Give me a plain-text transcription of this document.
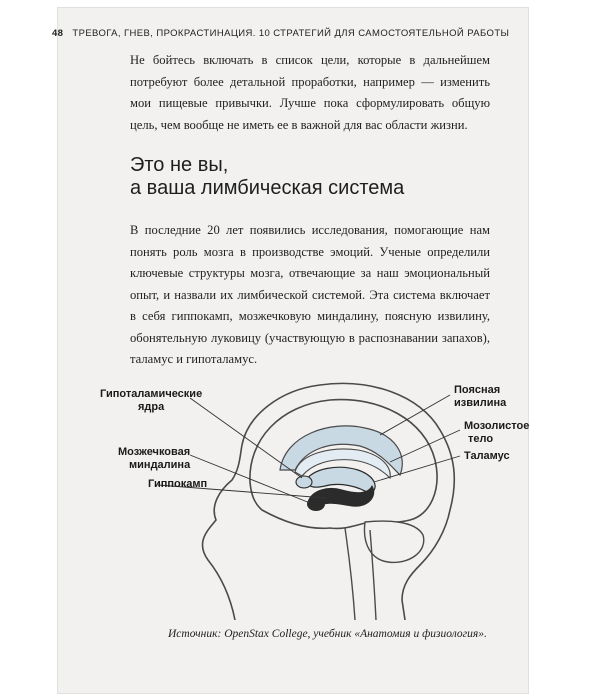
48 ТРЕВОГА, ГНЕВ, ПРОКРАСТИНАЦИЯ. 10 СТРАТЕГИЙ ДЛЯ САМОСТОЯТЕЛЬНОЙ РАБОТЫ

Не бойтесь включать в список цели, которые в дальнейшем потребуют более детальной проработки, например — изменить мои пищевые привычки. Лучше пока сформулировать общую цель, чем вообще не иметь ее в важной для вас области жизни.

Это не вы,
а ваша лимбическая система

В последние 20 лет появились исследования, помогающие нам понять роль мозга в производстве эмоций. Ученые определили ключевые структуры мозга, отвечающие за наш эмоциональный опыт, и назвали их лимбической системой. Эта система включает в себя гиппокамп, мозжечковую миндалину, поясную извилину, обонятельную луковицу (участвующую в распознавании запахов), таламус и гипоталамус.

Гипоталамические
ядра
Мозжечковая
миндалина
Гиппокамп
Поясная
извилина
Мозолистое
тело
Таламус
Источник: OpenStax College, учебник «Анатомия и физиология».
